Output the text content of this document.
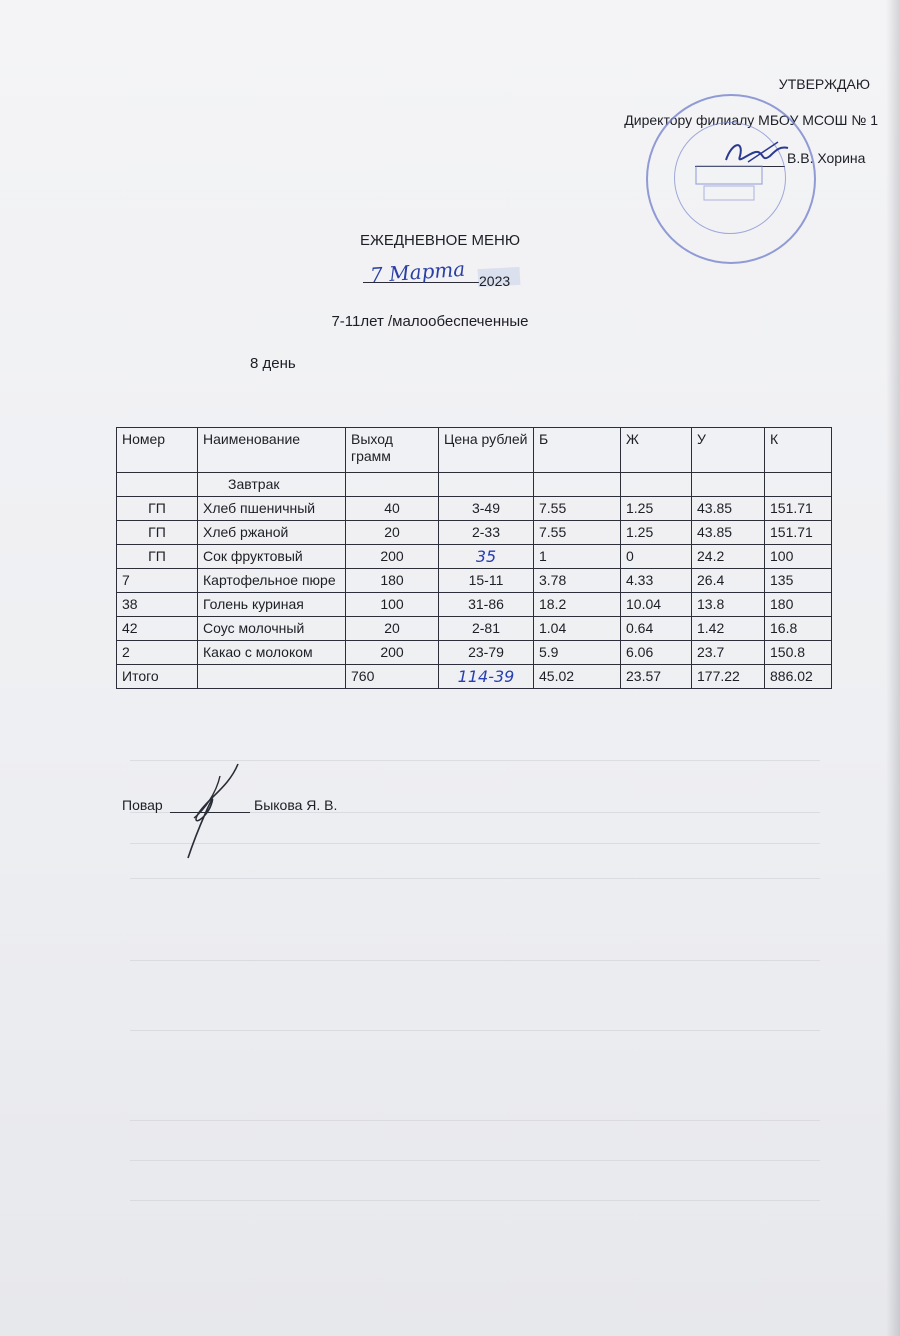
УТВЕРЖДАЮ
Директору филиалу МБОУ МСОШ № 1
В.В. Хорина
ЕЖЕДНЕВНОЕ МЕНЮ
7 Марта 2023
7-11лет /малообеспеченные
8 день
Номер	Наименование	Выход грамм	Цена рублей	Б	Ж	У	К
	Завтрак						
ГП	Хлеб пшеничный	40	3-49	7.55	1.25	43.85	151.71
ГП	Хлеб ржаной	20	2-33	7.55	1.25	43.85	151.71
ГП	Сок фруктовый	200	35	1	0	24.2	100
7	Картофельное пюре	180	15-11	3.78	4.33	26.4	135
38	Голень куриная	100	31-86	18.2	10.04	13.8	180
42	Соус молочный	20	2-81	1.04	0.64	1.42	16.8
2	Какао с молоком	200	23-79	5.9	6.06	23.7	150.8
Итого		760	114-39	45.02	23.57	177.22	886.02
Повар	Быкова Я. В.
